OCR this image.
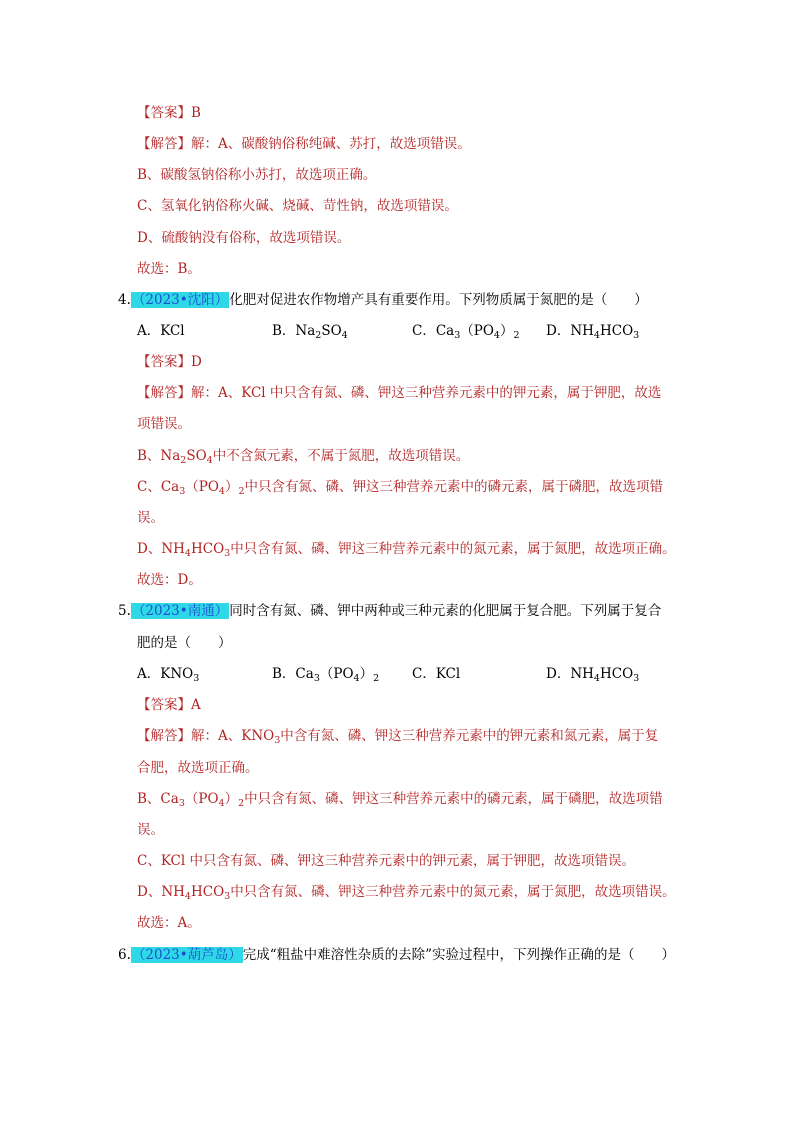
【答案】B
【解答】解：A、碳酸钠俗称纯碱、苏打，故选项错误。
B、碳酸氢钠俗称小苏打，故选项正确。
C、氢氧化钠俗称火碱、烧碱、苛性钠，故选项错误。
D、硫酸钠没有俗称，故选项错误。
故选：B。
4.（2023•沈阳）化肥对促进农作物增产具有重要作用。下列物质属于氮肥的是（　　）
A．KCl	B．$Na_2SO_4$	C．$Ca_3(PO_4)_2$ D．$NH_4HCO_3$
【答案】D
【解答】解：A、KCl 中只含有氮、磷、钾这三种营养元素中的钾元素，属于钾肥，故选
项错误。
B、$Na_2SO_4$中不含氮元素，不属于氮肥，故选项错误。
C、$Ca_3(PO_4)_2$中只含有氮、磷、钾这三种营养元素中的磷元素，属于磷肥，故选项错
误。
D、$NH_4HCO_3$中只含有氮、磷、钾这三种营养元素中的氮元素，属于氮肥，故选项正确。
故选：D。
5.（2023•南通）同时含有氮、磷、钾中两种或三种元素的化肥属于复合肥。下列属于复合
肥的是（　　）
A．$KNO_3$	B．$Ca_3(PO_4)_2$ C．KCl	D．$NH_4HCO_3$
【答案】A
【解答】解：A、$KNO_3$中含有氮、磷、钾这三种营养元素中的钾元素和氮元素，属于复
合肥，故选项正确。
B、$Ca_3(PO_4)_2$中只含有氮、磷、钾这三种营养元素中的磷元素，属于磷肥，故选项错
误。
C、KCl 中只含有氮、磷、钾这三种营养元素中的钾元素，属于钾肥，故选项错误。
D、$NH_4HCO_3$中只含有氮、磷、钾这三种营养元素中的氮元素，属于氮肥，故选项错误。
故选：A。
6.（2023•葫芦岛）完成“粗盐中难溶性杂质的去除”实验过程中，下列操作正确的是（　　）
